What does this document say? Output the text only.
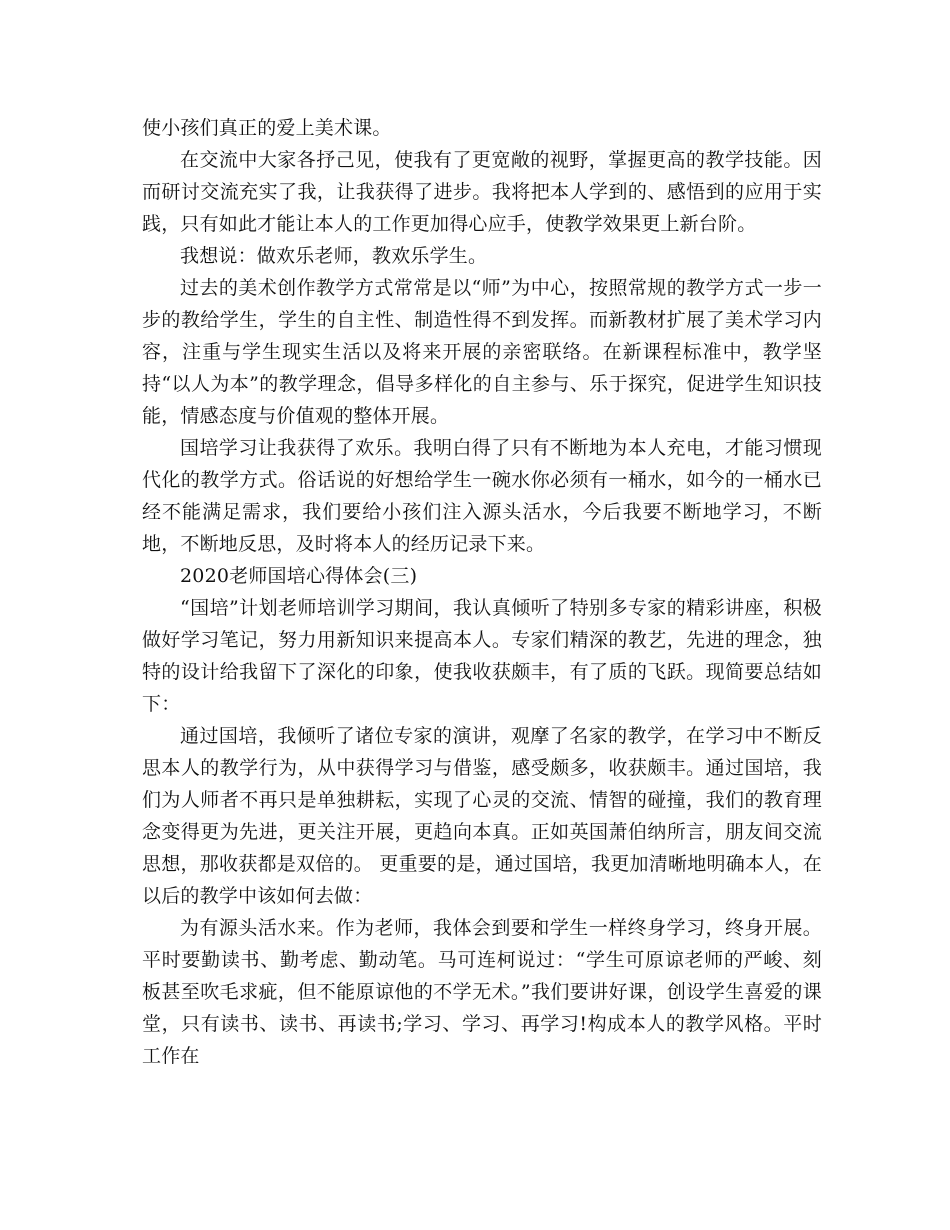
使小孩们真正的爱上美术课。

在交流中大家各抒己见，使我有了更宽敞的视野，掌握更高的教学技能。因而研讨交流充实了我，让我获得了进步。我将把本人学到的、感悟到的应用于实践，只有如此才能让本人的工作更加得心应手，使教学效果更上新台阶。

我想说：做欢乐老师，教欢乐学生。

过去的美术创作教学方式常常是以“师”为中心，按照常规的教学方式一步一步的教给学生，学生的自主性、制造性得不到发挥。而新教材扩展了美术学习内容，注重与学生现实生活以及将来开展的亲密联络。在新课程标准中，教学坚持“以人为本”的教学理念，倡导多样化的自主参与、乐于探究，促进学生知识技能，情感态度与价值观的整体开展。

国培学习让我获得了欢乐。我明白得了只有不断地为本人充电，才能习惯现代化的教学方式。俗话说的好想给学生一碗水你必须有一桶水，如今的一桶水已经不能满足需求，我们要给小孩们注入源头活水，今后我要不断地学习，不断地，不断地反思，及时将本人的经历记录下来。

2020老师国培心得体会(三)

“国培”计划老师培训学习期间，我认真倾听了特别多专家的精彩讲座，积极做好学习笔记，努力用新知识来提高本人。专家们精深的教艺，先进的理念，独特的设计给我留下了深化的印象，使我收获颇丰，有了质的飞跃。现简要总结如下：

通过国培，我倾听了诸位专家的演讲，观摩了名家的教学，在学习中不断反思本人的教学行为，从中获得学习与借鉴，感受颇多，收获颇丰。通过国培，我们为人师者不再只是单独耕耘，实现了心灵的交流、情智的碰撞，我们的教育理念变得更为先进，更关注开展，更趋向本真。正如英国萧伯纳所言，朋友间交流思想，那收获都是双倍的。 更重要的是，通过国培，我更加清晰地明确本人，在以后的教学中该如何去做：

为有源头活水来。作为老师，我体会到要和学生一样终身学习，终身开展。平时要勤读书、勤考虑、勤动笔。马可连柯说过：“学生可原谅老师的严峻、刻板甚至吹毛求疵，但不能原谅他的不学无术。”我们要讲好课，创设学生喜爱的课堂，只有读书、读书、再读书;学习、学习、再学习!构成本人的教学风格。平时工作在
